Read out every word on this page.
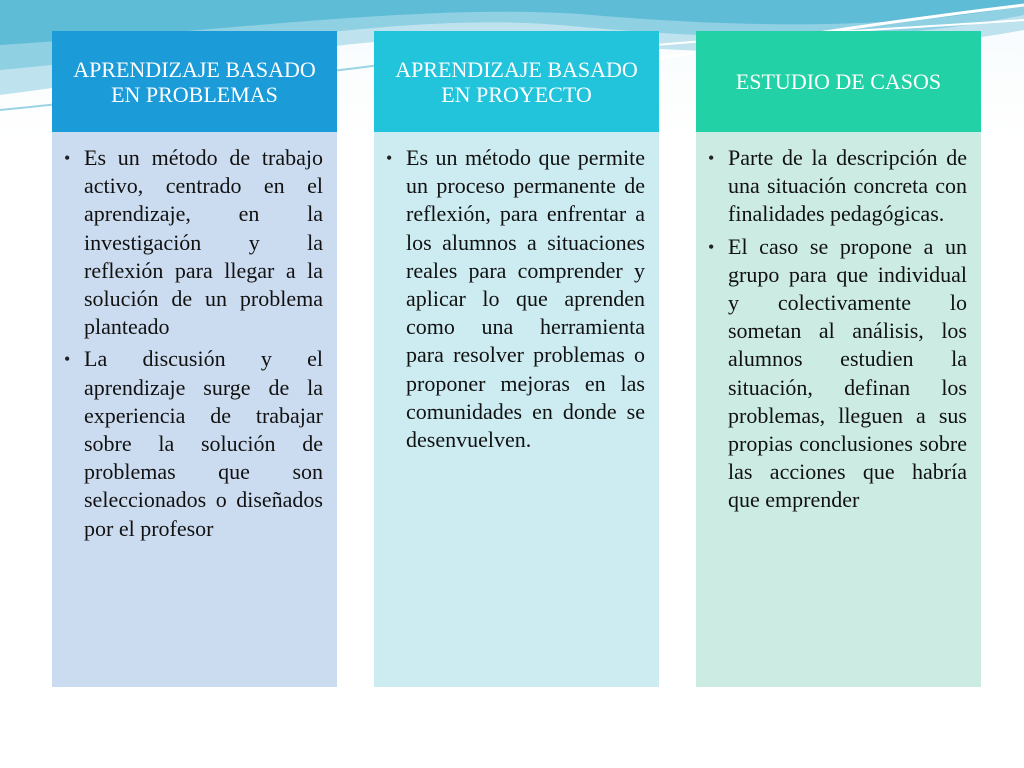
APRENDIZAJE BASADO EN PROBLEMAS
• Es un método de trabajo activo, centrado en el aprendizaje, en la investigación y la reflexión para llegar a la solución de un problema planteado
• La discusión y el aprendizaje surge de la experiencia de trabajar sobre la solución de problemas que son seleccionados o diseñados por el profesor
APRENDIZAJE BASADO EN PROYECTO
• Es un método que permite un proceso permanente de reflexión, para enfrentar a los alumnos a situaciones reales para comprender y aplicar lo que aprenden como una herramienta para resolver problemas o proponer mejoras en las comunidades en donde se desenvuelven.
ESTUDIO DE CASOS
• Parte de la descripción de una situación concreta con finalidades pedagógicas.
• El caso se propone a un grupo para que individual y colectivamente lo sometan al análisis, los alumnos estudien la situación, definan los problemas, lleguen a sus propias conclusiones sobre las acciones que habría que emprender
